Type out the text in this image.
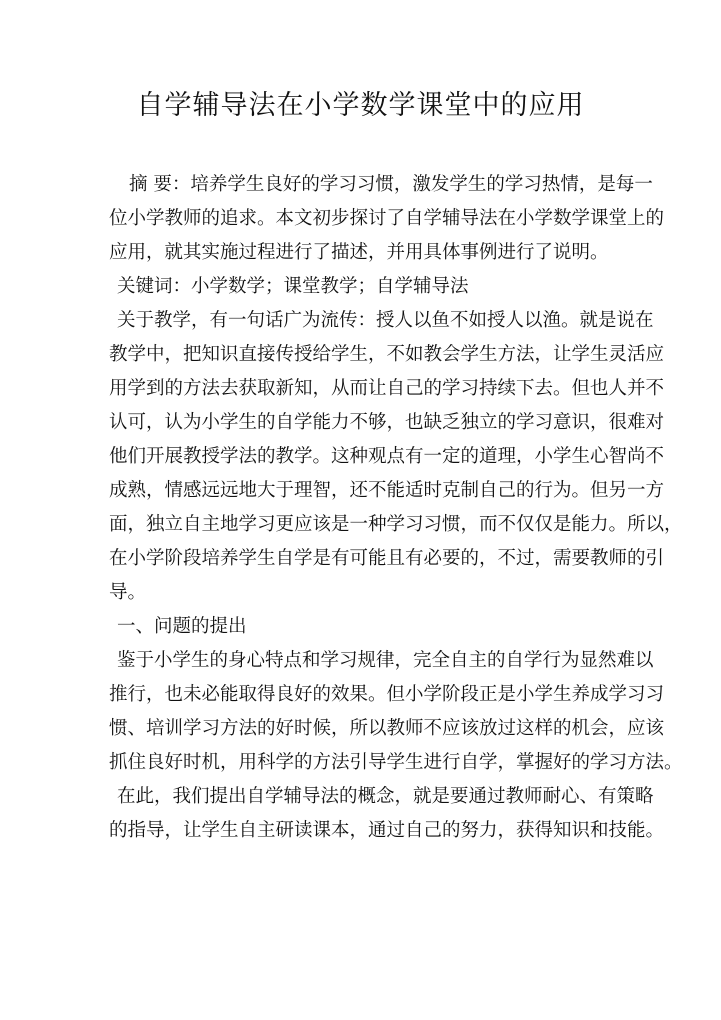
自学辅导法在小学数学课堂中的应用
摘 要：培养学生良好的学习习惯，激发学生的学习热情，是每一
位小学教师的追求。本文初步探讨了自学辅导法在小学数学课堂上的
应用，就其实施过程进行了描述，并用具体事例进行了说明。
关键词：小学数学；课堂教学；自学辅导法
关于教学，有一句话广为流传：授人以鱼不如授人以渔。就是说在
教学中，把知识直接传授给学生，不如教会学生方法，让学生灵活应
用学到的方法去获取新知，从而让自己的学习持续下去。但也人并不
认可，认为小学生的自学能力不够，也缺乏独立的学习意识，很难对
他们开展教授学法的教学。这种观点有一定的道理，小学生心智尚不
成熟，情感远远地大于理智，还不能适时克制自己的行为。但另一方
面，独立自主地学习更应该是一种学习习惯，而不仅仅是能力。所以，
在小学阶段培养学生自学是有可能且有必要的，不过，需要教师的引
导。
一、问题的提出
鉴于小学生的身心特点和学习规律，完全自主的自学行为显然难以
推行，也未必能取得良好的效果。但小学阶段正是小学生养成学习习
惯、培训学习方法的好时候，所以教师不应该放过这样的机会，应该
抓住良好时机，用科学的方法引导学生进行自学，掌握好的学习方法。
在此，我们提出自学辅导法的概念，就是要通过教师耐心、有策略
的指导，让学生自主研读课本，通过自己的努力，获得知识和技能。
